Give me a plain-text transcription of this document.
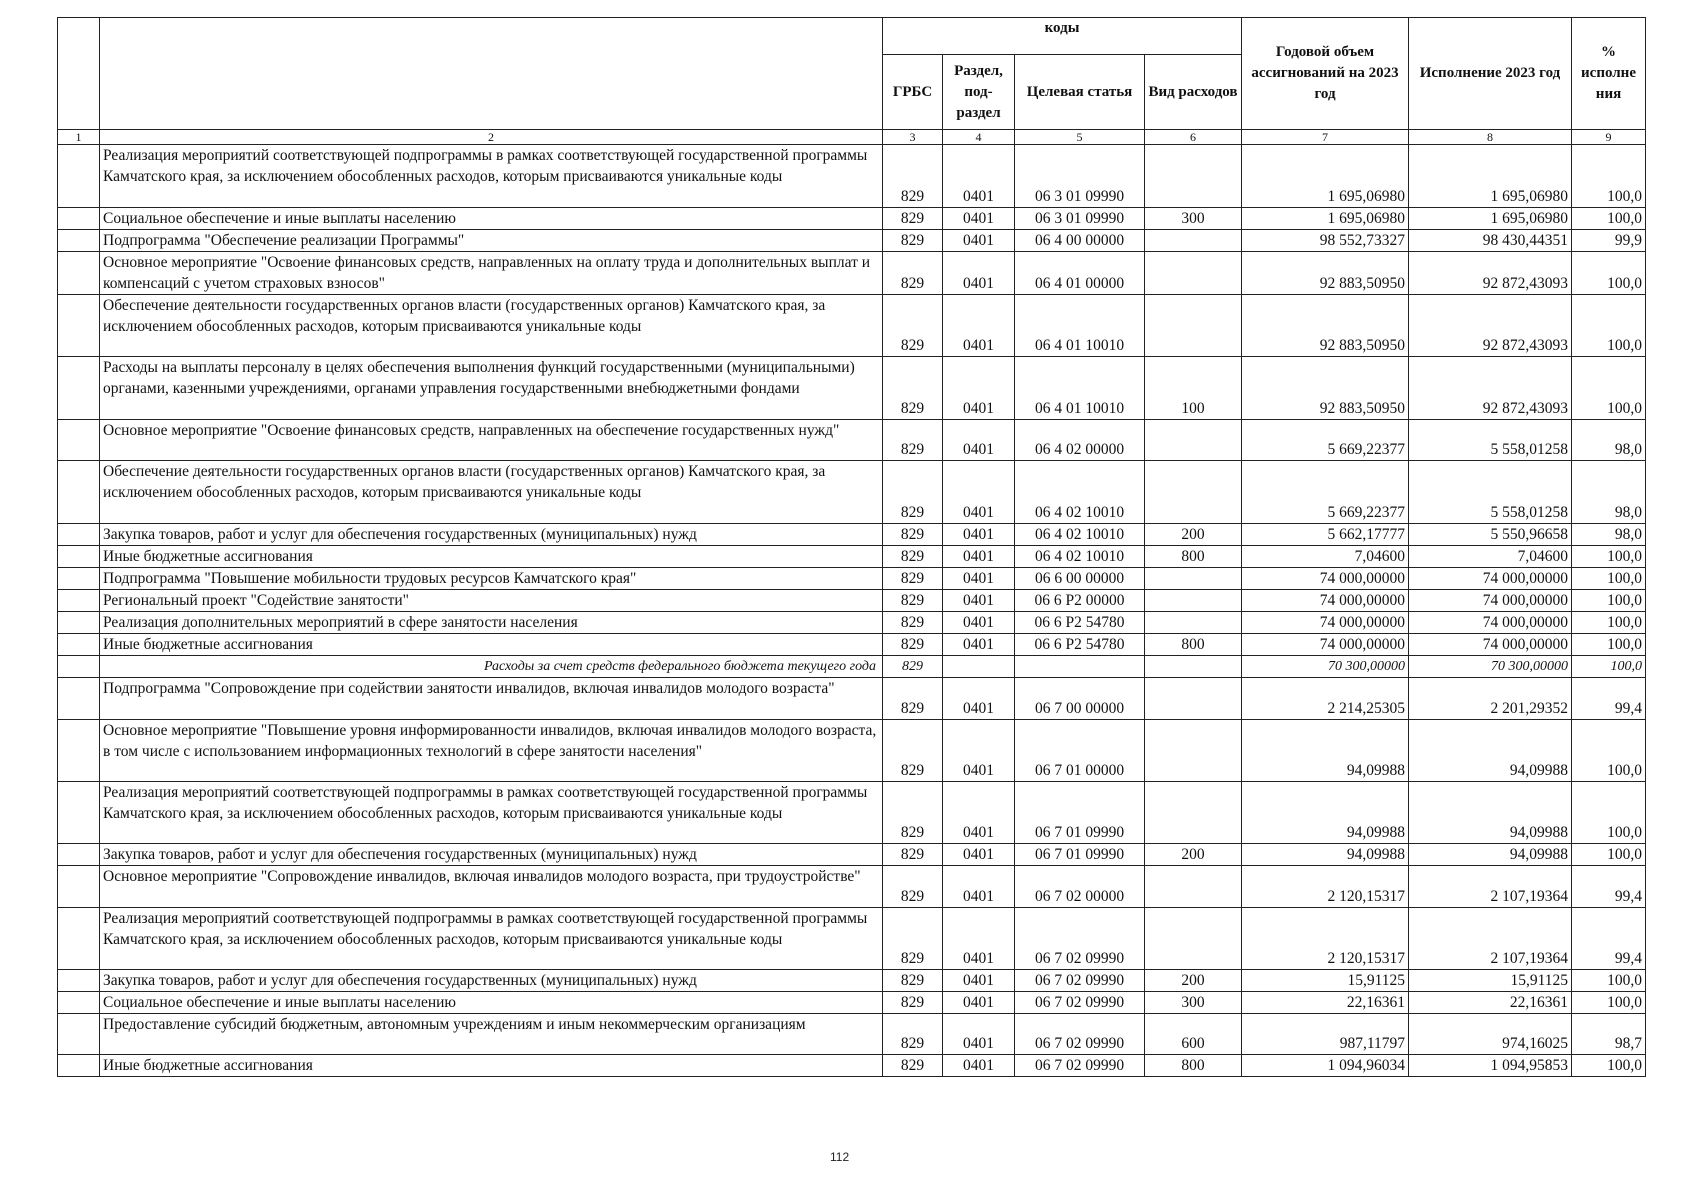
		коды				Годовой объем ассигнований на 2023 год	Исполнение 2023 год	% исполне ния
		ГРБС	Раздел, под-раздел	Целевая статья	Вид расходов			
1	2	3	4	5	6	7	8	9
	Реализация мероприятий соответствующей подпрограммы в рамках соответствующей государственной программы Камчатского края, за исключением обособленных расходов, которым присваиваются уникальные коды	829	0401	06 3 01 09990		1 695,06980	1 695,06980	100,0
	Социальное обеспечение и иные выплаты населению	829	0401	06 3 01 09990	300	1 695,06980	1 695,06980	100,0
	Подпрограмма "Обеспечение реализации Программы"	829	0401	06 4 00 00000		98 552,73327	98 430,44351	99,9
	Основное мероприятие "Освоение финансовых средств, направленных на оплату труда и дополнительных выплат и компенсаций с учетом страховых взносов"	829	0401	06 4 01 00000		92 883,50950	92 872,43093	100,0
	Обеспечение деятельности государственных органов власти (государственных органов) Камчатского края, за исключением обособленных расходов, которым присваиваются уникальные коды	829	0401	06 4 01 10010		92 883,50950	92 872,43093	100,0
	Расходы на выплаты персоналу в целях обеспечения выполнения функций государственными (муниципальными) органами, казенными учреждениями, органами управления государственными внебюджетными фондами	829	0401	06 4 01 10010	100	92 883,50950	92 872,43093	100,0
	Основное мероприятие "Освоение финансовых средств, направленных на обеспечение государственных нужд"	829	0401	06 4 02 00000		5 669,22377	5 558,01258	98,0
	Обеспечение деятельности государственных органов власти (государственных органов) Камчатского края, за исключением обособленных расходов, которым присваиваются уникальные коды	829	0401	06 4 02 10010		5 669,22377	5 558,01258	98,0
	Закупка товаров, работ и услуг для обеспечения государственных (муниципальных) нужд	829	0401	06 4 02 10010	200	5 662,17777	5 550,96658	98,0
	Иные бюджетные ассигнования	829	0401	06 4 02 10010	800	7,04600	7,04600	100,0
	Подпрограмма "Повышение мобильности трудовых ресурсов Камчатского края"	829	0401	06 6 00 00000		74 000,00000	74 000,00000	100,0
	Региональный проект "Содействие занятости"	829	0401	06 6 P2 00000		74 000,00000	74 000,00000	100,0
	Реализация дополнительных мероприятий в сфере занятости населения	829	0401	06 6 P2 54780		74 000,00000	74 000,00000	100,0
	Иные бюджетные ассигнования	829	0401	06 6 P2 54780	800	74 000,00000	74 000,00000	100,0
	Расходы за счет средств федерального бюджета текущего года	829				70 300,00000	70 300,00000	100,0
	Подпрограмма "Сопровождение при содействии занятости инвалидов, включая инвалидов молодого возраста"	829	0401	06 7 00 00000		2 214,25305	2 201,29352	99,4
	Основное мероприятие "Повышение уровня информированности инвалидов, включая инвалидов молодого возраста, в том числе с использованием информационных технологий в сфере занятости населения"	829	0401	06 7 01 00000		94,09988	94,09988	100,0
	Реализация мероприятий соответствующей подпрограммы в рамках соответствующей государственной программы Камчатского края, за исключением обособленных расходов, которым присваиваются уникальные коды	829	0401	06 7 01 09990		94,09988	94,09988	100,0
	Закупка товаров, работ и услуг для обеспечения государственных (муниципальных) нужд	829	0401	06 7 01 09990	200	94,09988	94,09988	100,0
	Основное мероприятие "Сопровождение инвалидов, включая инвалидов молодого возраста, при трудоустройстве"	829	0401	06 7 02 00000		2 120,15317	2 107,19364	99,4
	Реализация мероприятий соответствующей подпрограммы в рамках соответствующей государственной программы Камчатского края, за исключением обособленных расходов, которым присваиваются уникальные коды	829	0401	06 7 02 09990		2 120,15317	2 107,19364	99,4
	Закупка товаров, работ и услуг для обеспечения государственных (муниципальных) нужд	829	0401	06 7 02 09990	200	15,91125	15,91125	100,0
	Социальное обеспечение и иные выплаты населению	829	0401	06 7 02 09990	300	22,16361	22,16361	100,0
	Предоставление субсидий бюджетным, автономным учреждениям и иным некоммерческим организациям	829	0401	06 7 02 09990	600	987,11797	974,16025	98,7
	Иные бюджетные ассигнования	829	0401	06 7 02 09990	800	1 094,96034	1 094,95853	100,0
112
